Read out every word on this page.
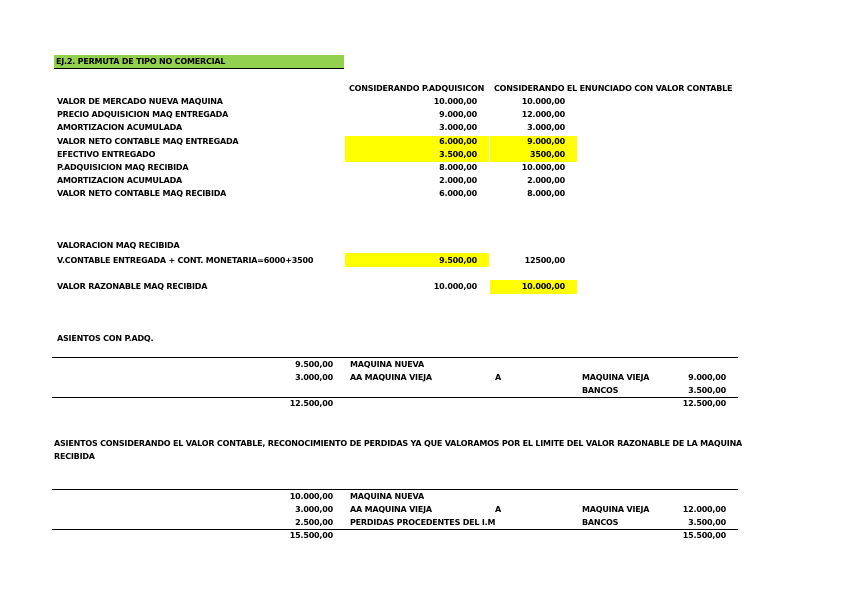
EJ.2. PERMUTA DE TIPO NO COMERCIAL
CONSIDERANDO P.ADQUISICON CONSIDERANDO EL ENUNCIADO CON VALOR CONTABLE
VALOR DE MERCADO NUEVA MAQUINA	10.000,00	10.000,00
PRECIO ADQUISICION MAQ ENTREGADA	9.000,00	12.000,00
AMORTIZACION ACUMULADA	3.000,00	3.000,00
VALOR NETO CONTABLE MAQ ENTREGADA	6.000,00	9.000,00
EFECTIVO ENTREGADO	3.500,00	3500,00
P.ADQUISICION MAQ RECIBIDA	8.000,00	10.000,00
AMORTIZACION ACUMULADA	2.000,00	2.000,00
VALOR NETO CONTABLE MAQ RECIBIDA	6.000,00	8.000,00
VALORACION MAQ RECIBIDA
V.CONTABLE ENTREGADA + CONT. MONETARIA=6000+3500	9.500,00	12500,00
VALOR RAZONABLE MAQ RECIBIDA	10.000,00	10.000,00
ASIENTOS CON P.ADQ.
9.500,00 MAQUINA NUEVA
3.000,00 AA MAQUINA VIEJA	A	MAQUINA VIEJA	9.000,00
BANCOS	3.500,00
12.500,00	12.500,00
ASIENTOS CONSIDERANDO EL VALOR CONTABLE, RECONOCIMIENTO DE PERDIDAS YA QUE VALORAMOS POR EL LIMITE DEL VALOR RAZONABLE DE LA MAQUINA
RECIBIDA
10.000,00 MAQUINA NUEVA
3.000,00 AA MAQUINA VIEJA	A	MAQUINA VIEJA	12.000,00
2.500,00 PERDIDAS PROCEDENTES DEL I.M	BANCOS	3.500,00
15.500,00	15.500,00
